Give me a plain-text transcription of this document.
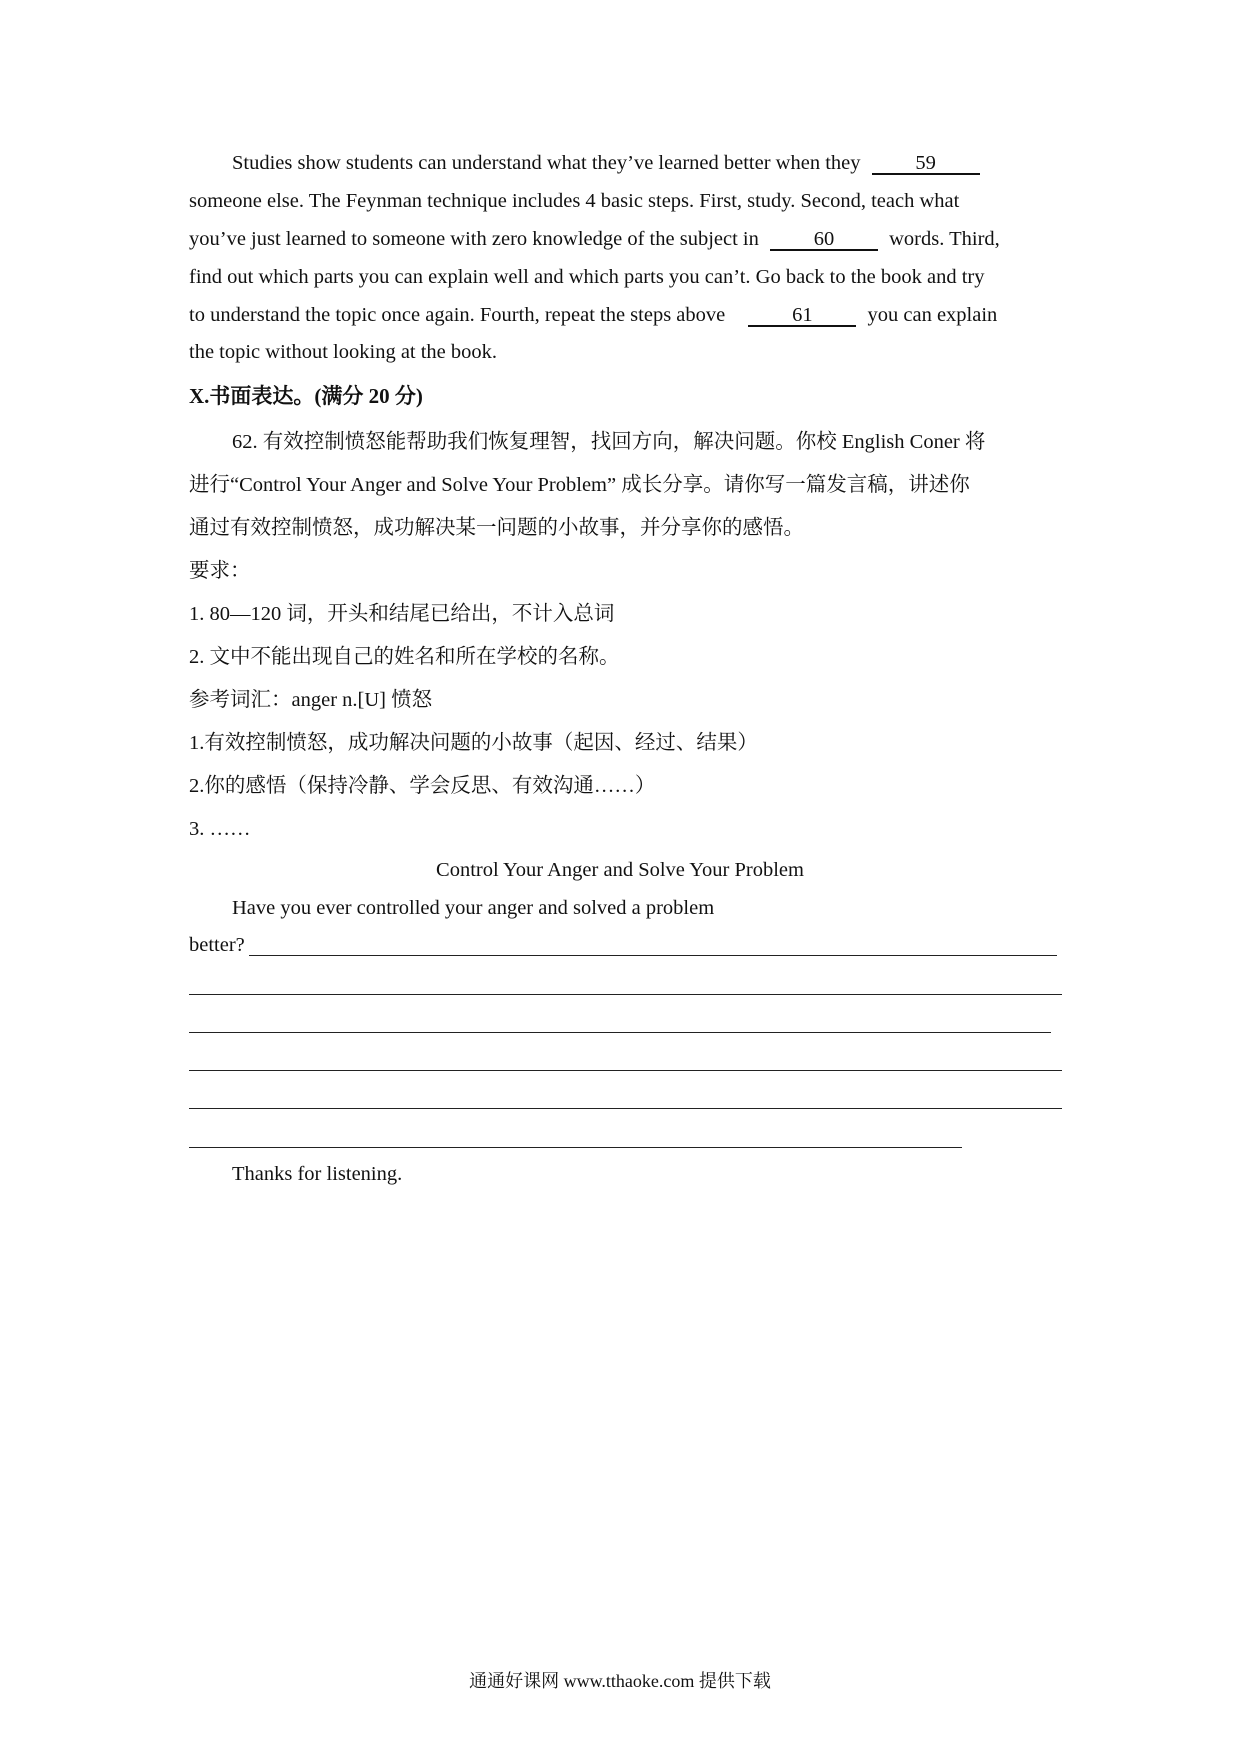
Studies show students can understand what they’ve learned better when they	59
someone else. The Feynman technique includes 4 basic steps. First, study. Second, teach what
you’ve just learned to someone with zero knowledge of the subject in	60	words. Third,
find out which parts you can explain well and which parts you can’t. Go back to the book and try
to understand the topic once again. Fourth, repeat the steps above	61	you can explain
the topic without looking at the book.
X.书面表达。(满分 20 分)
62. 有效控制愤怒能帮助我们恢复理智，找回方向，解决问题。你校 English Coner 将
进行“Control Your Anger and Solve Your Problem” 成长分享。请你写一篇发言稿，讲述你
通过有效控制愤怒，成功解决某一问题的小故事，并分享你的感悟。
要求：
1. 80—120 词，开头和结尾已给出，不计入总词
2. 文中不能出现自己的姓名和所在学校的名称。
参考词汇：anger n.[U] 愤怒
1.有效控制愤怒，成功解决问题的小故事（起因、经过、结果）
2.你的感悟（保持冷静、学会反思、有效沟通……）
3. ……
Control Your Anger and Solve Your Problem
Have you ever controlled your anger and solved a problem
better?
Thanks for listening.
通通好课网 www.tthaoke.com 提供下载
